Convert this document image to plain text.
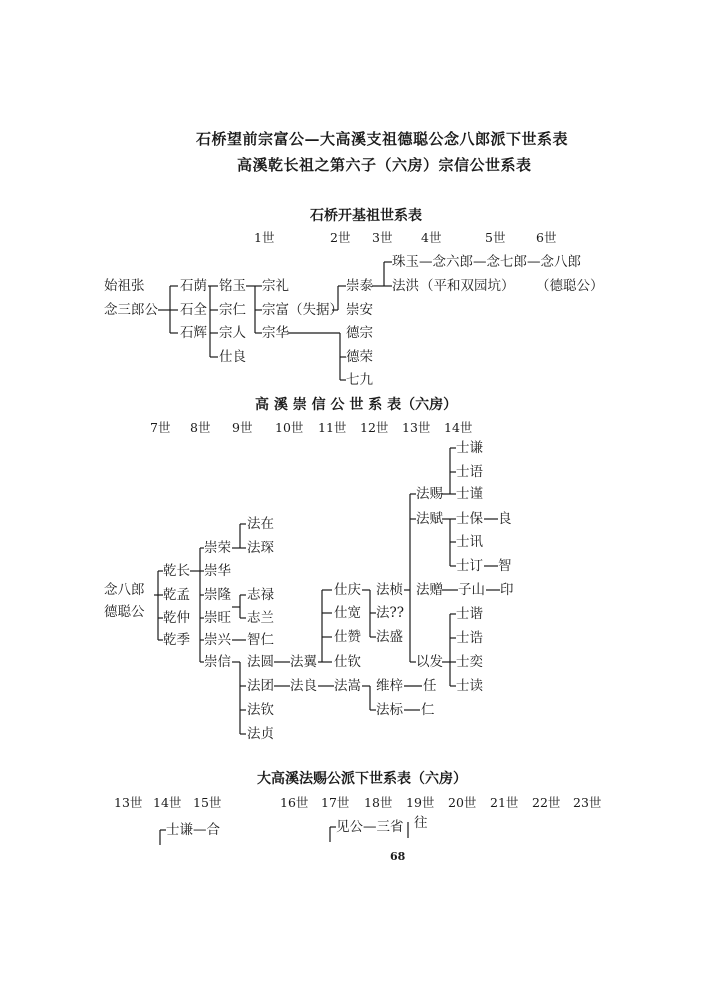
石桥望前宗富公—大高溪支祖德聪公念八郎派下世系表
高溪乾长祖之第六子（六房）宗信公世系表
石桥开基祖世系表
1世	2世 3世 4世	5世 6世
始祖张
念三郎公
石荫
石全
石辉
铭玉
宗仁
宗人
仕良
宗礼
宗富（失据）
宗华
崇泰
崇安
德宗
德荣
七九
法洪 （平和双园坑）
珠玉—念六郎—念七郎—念八郎
（德聪公）
高 溪 崇 信 公 世 系 表（六房）
7世 8世 9世 10世 11世 12世 13世 14世
念八郎
德聪公
乾长
乾孟
乾仲
乾季
崇荣
崇华
崇隆
崇旺
崇兴
崇信
法在
法琛
志禄
志兰
智仁
法圆
法团
法钦
法贞
法翼
法良
仕庆
仕宽
仕赞
仕钦
法嵩
法桢
法??
法盛
维梓
法标
任
仁
法赐
法赋
法赠
以发
士谦
士语
士谨
士保
士讯
士订
良
智
子山 印
士谐
士诰
士奕
士读
大高溪法赐公派下世系表（六房）
13世 14世 15世	16世 17世 18世 19世 20世 21世 22世 23世
士谦—合	见公—三省 往
68
